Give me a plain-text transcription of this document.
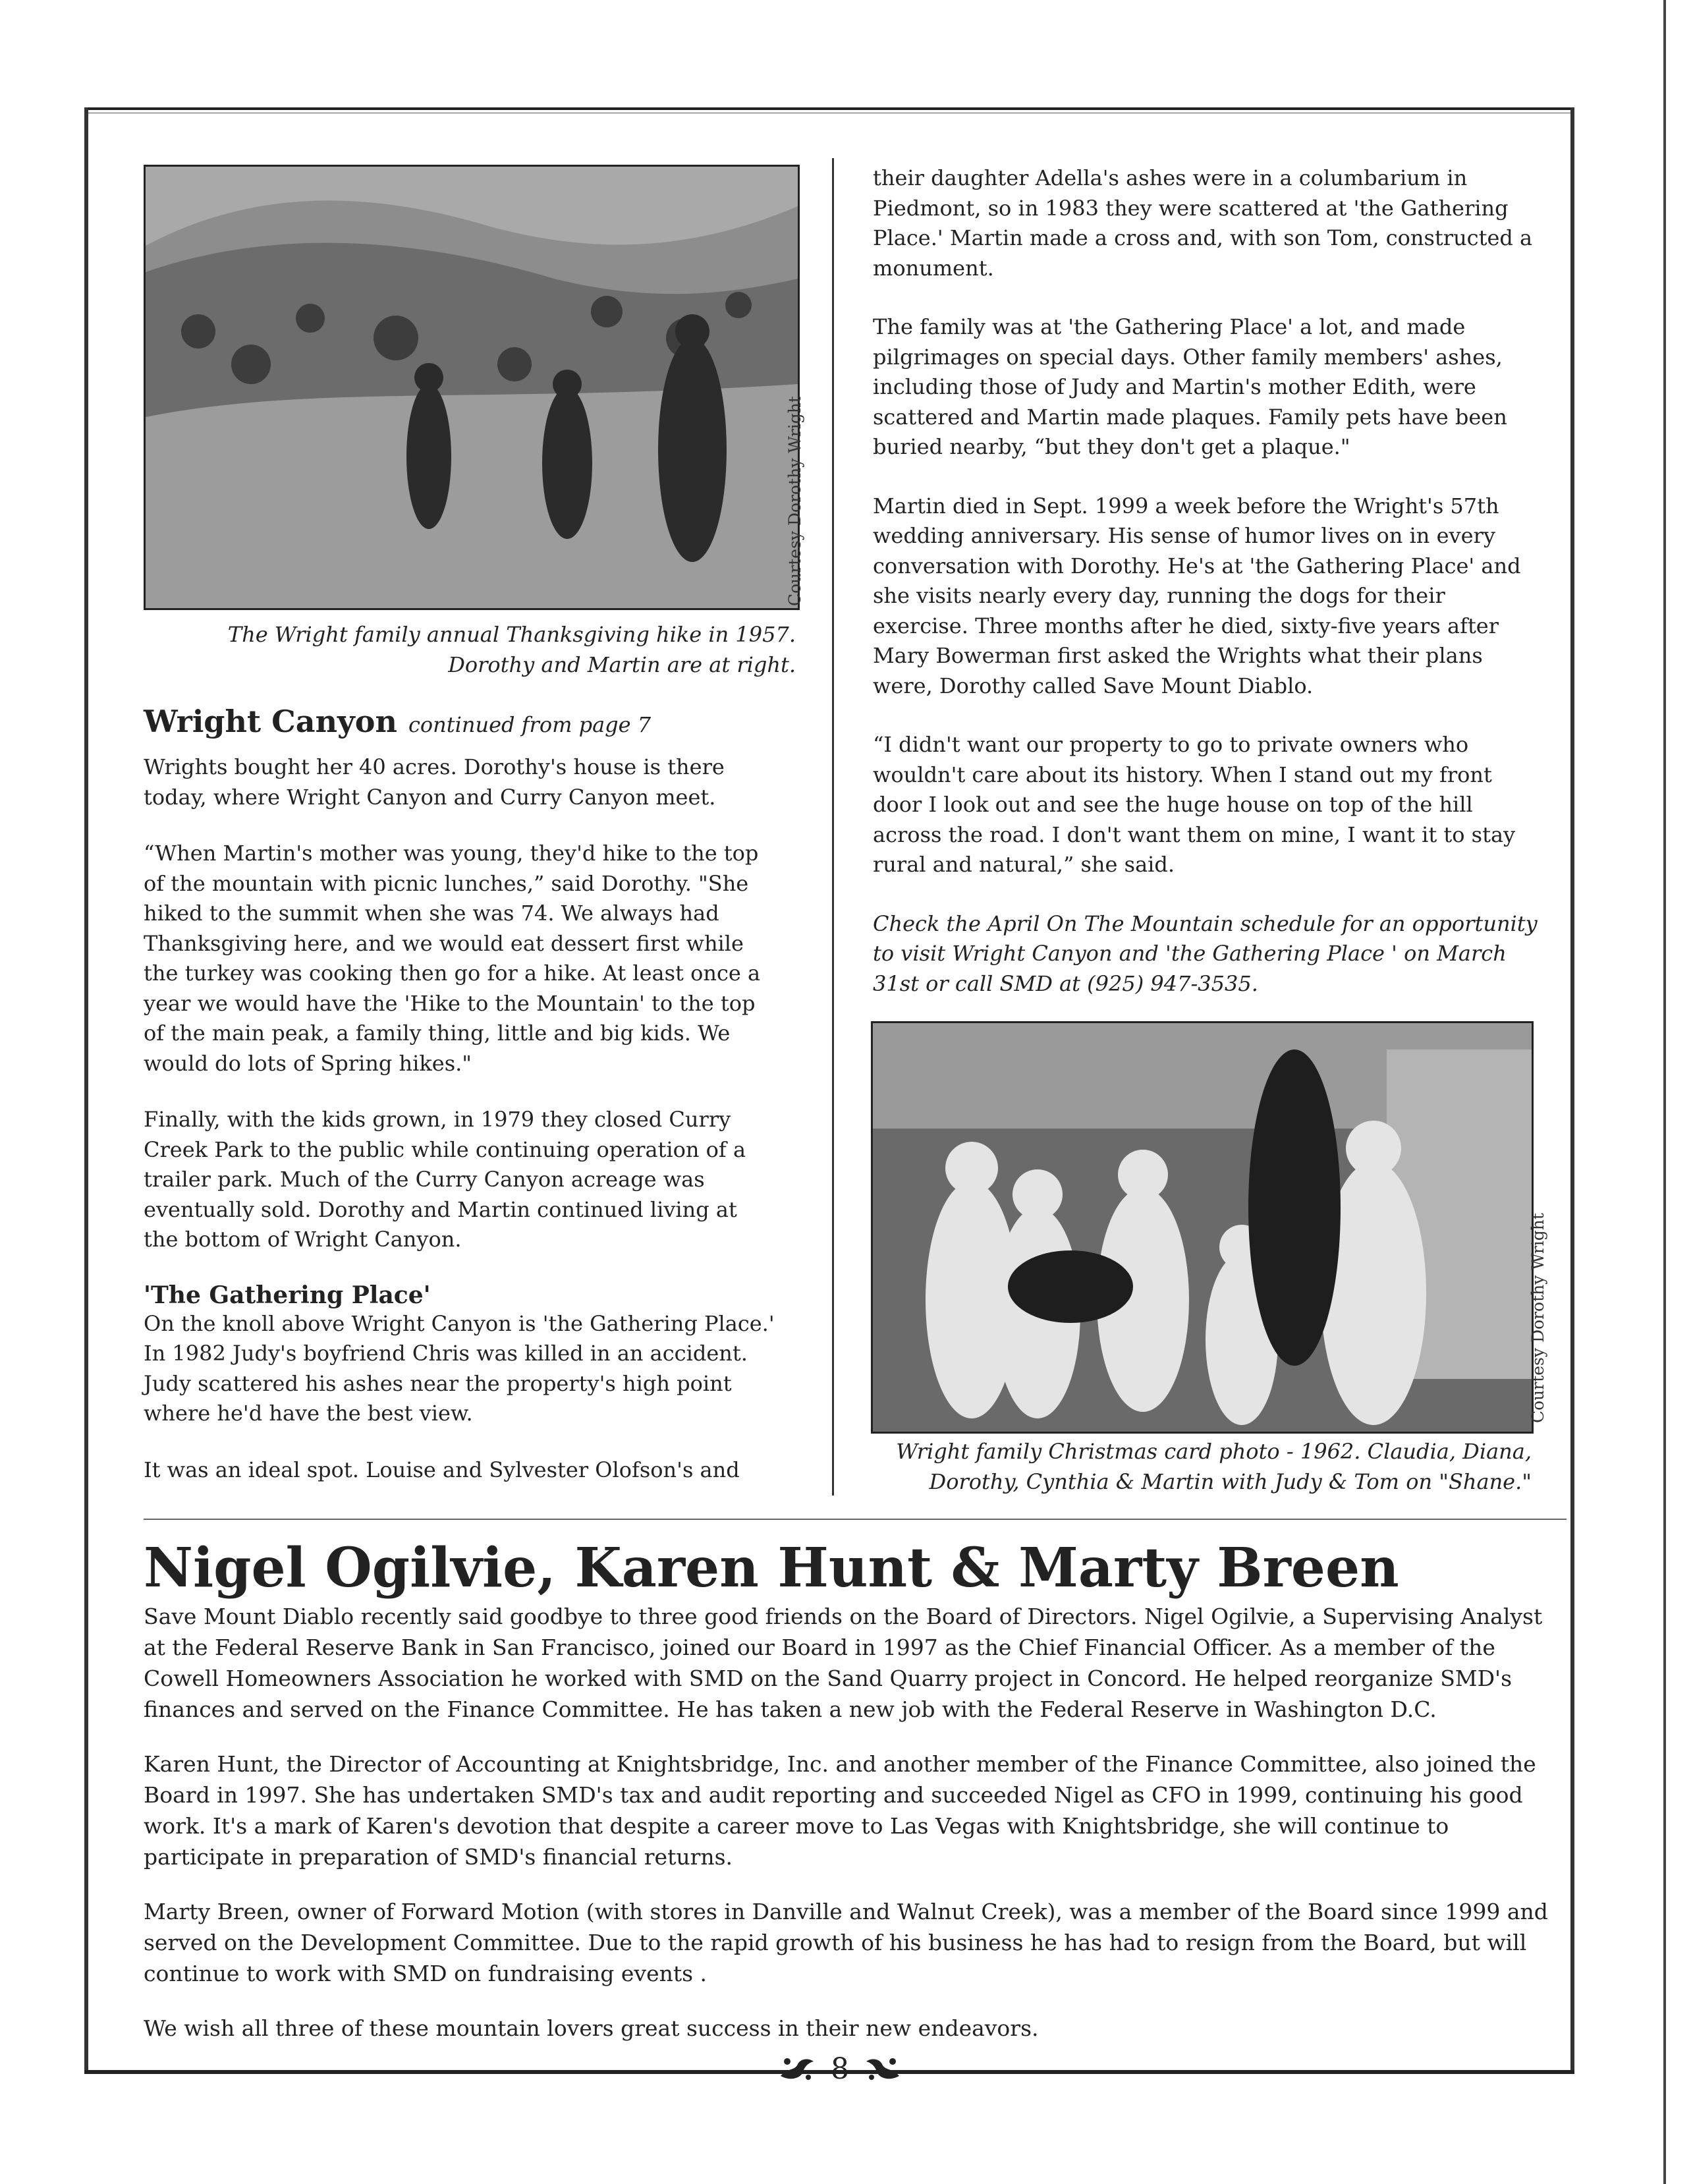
Courtesy Dorothy Wright
The Wright family annual Thanksgiving hike in 1957.
Dorothy and Martin are at right.
Wright Canyon continued from page 7

Wrights bought her 40 acres. Dorothy's house is there today, where Wright Canyon and Curry Canyon meet.

“When Martin's mother was young, they'd hike to the top of the mountain with picnic lunches,” said Dorothy. "She hiked to the summit when she was 74. We always had Thanksgiving here, and we would eat dessert first while the turkey was cooking then go for a hike. At least once a year we would have the 'Hike to the Mountain' to the top of the main peak, a family thing, little and big kids. We would do lots of Spring hikes."

Finally, with the kids grown, in 1979 they closed Curry Creek Park to the public while continuing operation of a trailer park. Much of the Curry Canyon acreage was eventually sold. Dorothy and Martin continued living at the bottom of Wright Canyon.

'The Gathering Place'

On the knoll above Wright Canyon is 'the Gathering Place.' In 1982 Judy's boyfriend Chris was killed in an accident. Judy scattered his ashes near the property's high point where he'd have the best view.

It was an ideal spot. Louise and Sylvester Olofson's and

their daughter Adella's ashes were in a columbarium in Piedmont, so in 1983 they were scattered at 'the Gathering Place.' Martin made a cross and, with son Tom, constructed a monument.

The family was at 'the Gathering Place' a lot, and made pilgrimages on special days. Other family members' ashes, including those of Judy and Martin's mother Edith, were scattered and Martin made plaques. Family pets have been buried nearby, “but they don't get a plaque."

Martin died in Sept. 1999 a week before the Wright's 57th wedding anniversary. His sense of humor lives on in every conversation with Dorothy. He's at 'the Gathering Place' and she visits nearly every day, running the dogs for their exercise. Three months after he died, sixty-five years after Mary Bowerman first asked the Wrights what their plans were, Dorothy called Save Mount Diablo.

“I didn't want our property to go to private owners who wouldn't care about its history. When I stand out my front door I look out and see the huge house on top of the hill across the road. I don't want them on mine, I want it to stay rural and natural,” she said.

Check the April On The Mountain schedule for an opportunity to visit Wright Canyon and 'the Gathering Place ' on March 31st or call SMD at (925) 947-3535.

Courtesy Dorothy Wright
Wright family Christmas card photo - 1962. Claudia, Diana,
Dorothy, Cynthia & Martin with Judy & Tom on "Shane."
Nigel Ogilvie, Karen Hunt & Marty Breen

Save Mount Diablo recently said goodbye to three good friends on the Board of Directors. Nigel Ogilvie, a Supervising Analyst at the Federal Reserve Bank in San Francisco, joined our Board in 1997 as the Chief Financial Officer. As a member of the Cowell Homeowners Association he worked with SMD on the Sand Quarry project in Concord. He helped reorganize SMD's finances and served on the Finance Committee. He has taken a new job with the Federal Reserve in Washington D.C.

Karen Hunt, the Director of Accounting at Knightsbridge, Inc. and another member of the Finance Committee, also joined the Board in 1997. She has undertaken SMD's tax and audit reporting and succeeded Nigel as CFO in 1999, continuing his good work. It's a mark of Karen's devotion that despite a career move to Las Vegas with Knightsbridge, she will continue to participate in preparation of SMD's financial returns.

Marty Breen, owner of Forward Motion (with stores in Danville and Walnut Creek), was a member of the Board since 1999 and served on the Development Committee. Due to the rapid growth of his business he has had to resign from the Board, but will continue to work with SMD on fundraising events .

We wish all three of these mountain lovers great success in their new endeavors.

8
